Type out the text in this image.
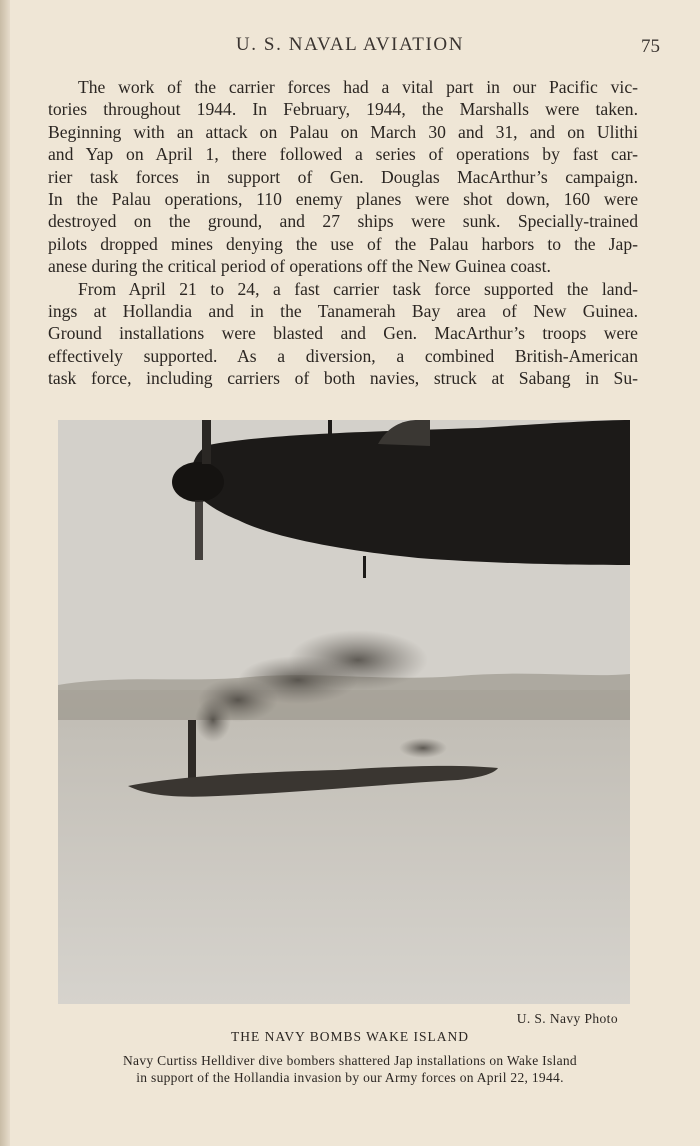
U. S. NAVAL AVIATION	75
The work of the carrier forces had a vital part in our Pacific vic-
tories throughout 1944. In February, 1944, the Marshalls were taken.
Beginning with an attack on Palau on March 30 and 31, and on Ulithi
and Yap on April 1, there followed a series of operations by fast car-
rier task forces in support of Gen. Douglas MacArthur’s campaign.
In the Palau operations, 110 enemy planes were shot down, 160 were
destroyed on the ground, and 27 ships were sunk. Specially-trained
pilots dropped mines denying the use of the Palau harbors to the Jap-
anese during the critical period of operations off the New Guinea coast.
From April 21 to 24, a fast carrier task force supported the land-
ings at Hollandia and in the Tanamerah Bay area of New Guinea.
Ground installations were blasted and Gen. MacArthur’s troops were
effectively supported. As a diversion, a combined British-American
task force, including carriers of both navies, struck at Sabang in Su-
U. S. Navy Photo
THE NAVY BOMBS WAKE ISLAND
Navy Curtiss Helldiver dive bombers shattered Jap installations on Wake Island
in support of the Hollandia invasion by our Army forces on April 22, 1944.
